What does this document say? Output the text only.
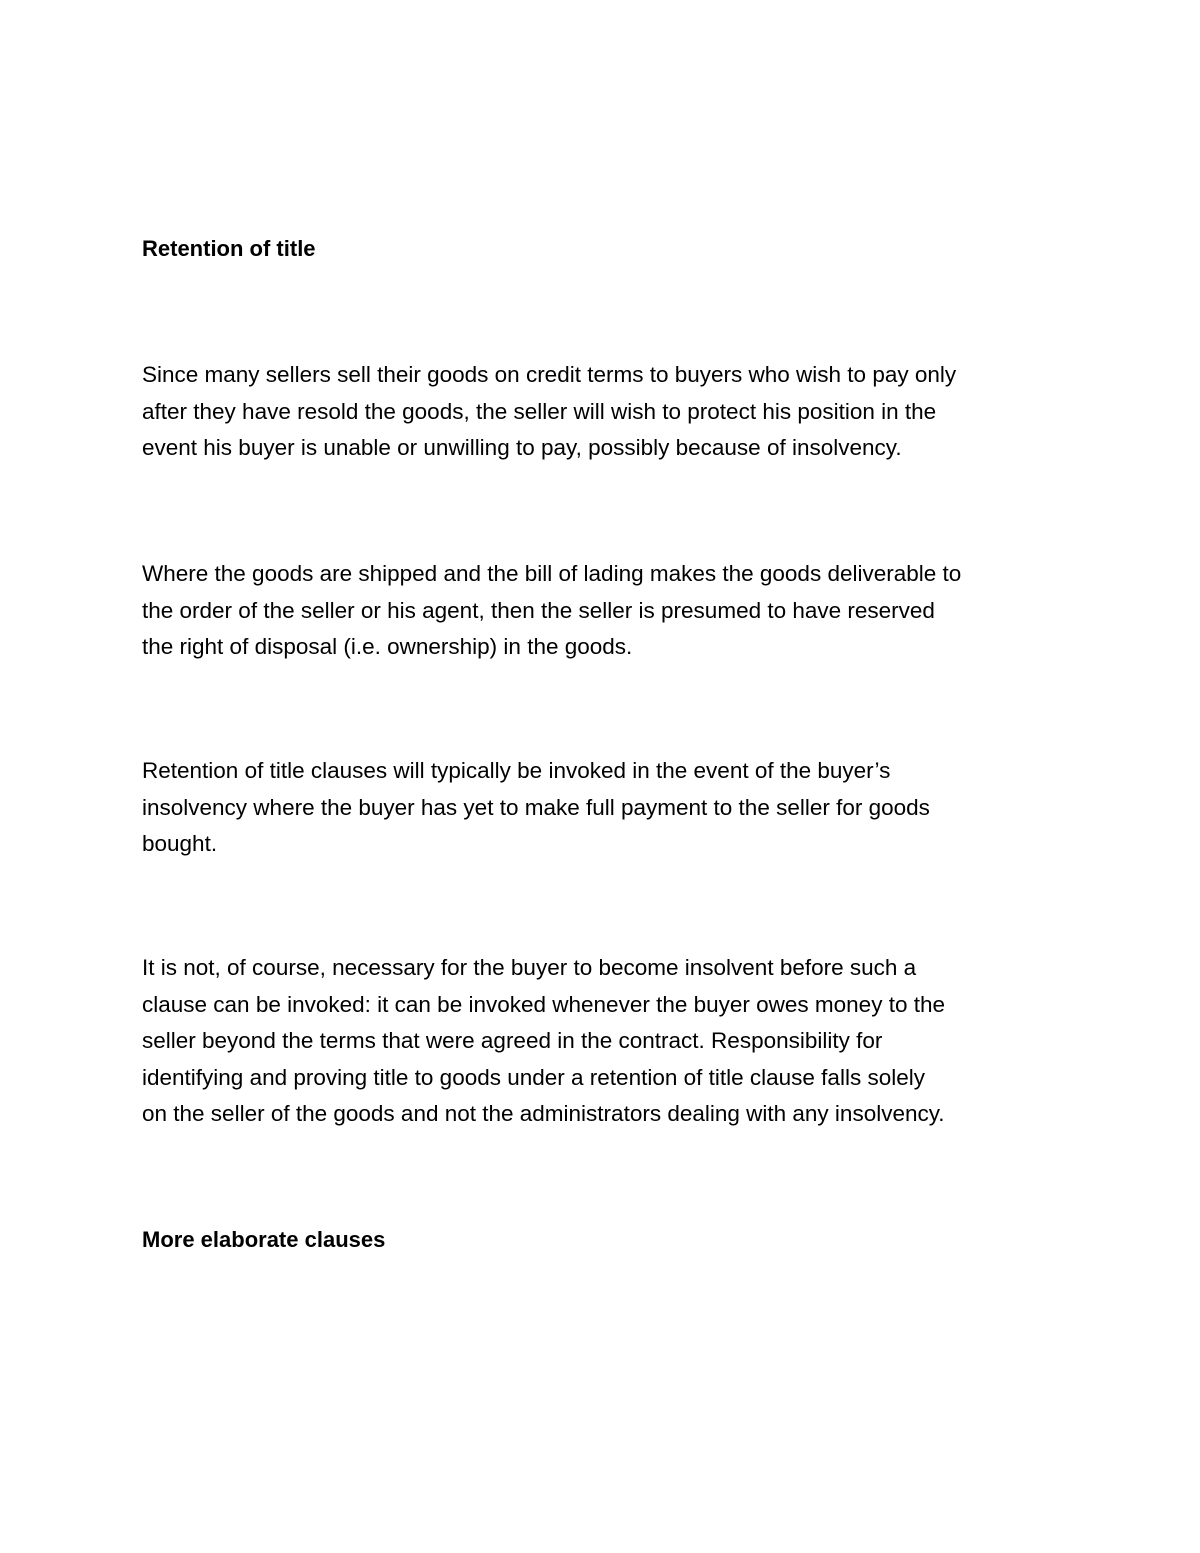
Retention of title
Since many sellers sell their goods on credit terms to buyers who wish to pay only
after they have resold the goods, the seller will wish to protect his position in the
event his buyer is unable or unwilling to pay, possibly because of insolvency.
Where the goods are shipped and the bill of lading makes the goods deliverable to
the order of the seller or his agent, then the seller is presumed to have reserved
the right of disposal (i.e. ownership) in the goods.
Retention of title clauses will typically be invoked in the event of the buyer’s
insolvency where the buyer has yet to make full payment to the seller for goods
bought.
It is not, of course, necessary for the buyer to become insolvent before such a
clause can be invoked: it can be invoked whenever the buyer owes money to the
seller beyond the terms that were agreed in the contract. Responsibility for
identifying and proving title to goods under a retention of title clause falls solely
on the seller of the goods and not the administrators dealing with any insolvency.
More elaborate clauses
